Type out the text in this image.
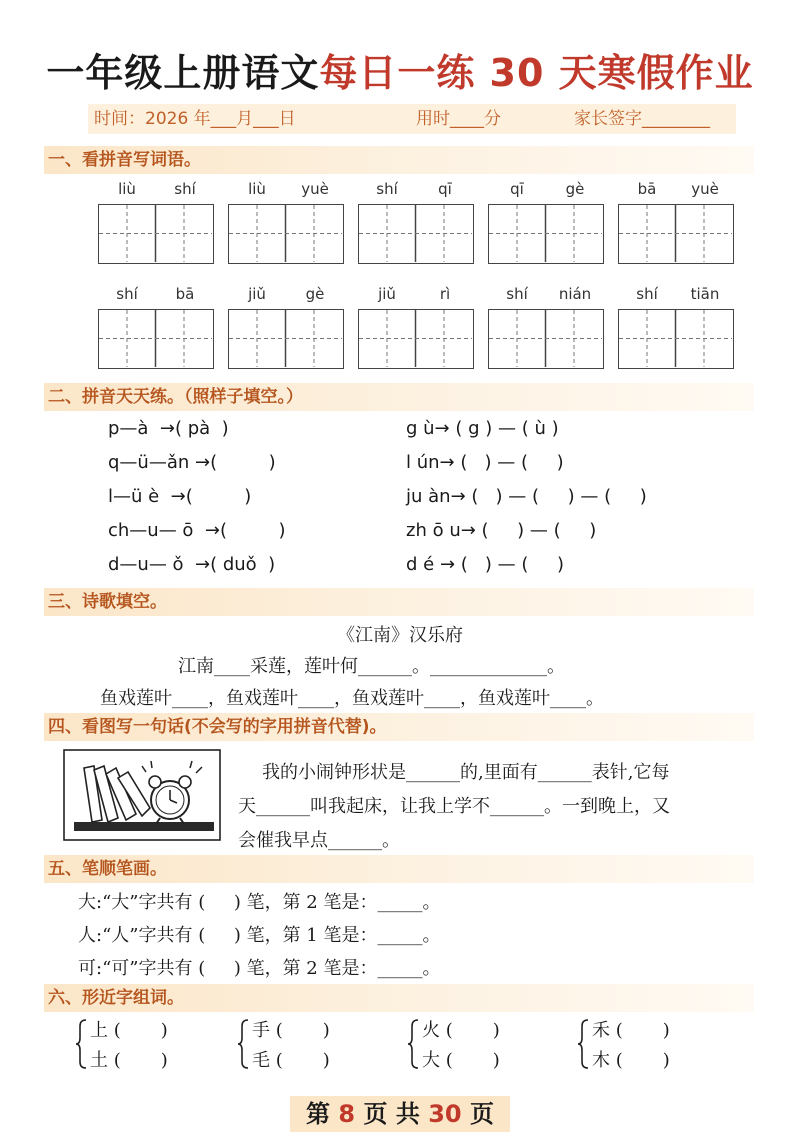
一年级上册语文每日一练 30 天寒假作业
时间：2026 年___月___日	用时____分	家长签字________
一、看拼音写词语。
liù	shí	liù	yuè	shí	qī	qī	gè	bā	yuè
shí	bā	jiǔ	gè	jiǔ	rì	shí	nián	shí	tiān
二、拼音天天练。（照样子填空。）
p—à  →( pà  )
q—ü—ǎn →(         )
l—ü è  →(         )
ch—u— ō  →(         )
d—u— ǒ  →( duǒ  )
g ù→ ( g ) — ( ù )
l ún→ (   ) — (     )
ju àn→ (   ) — (     ) — (     )
zh ō u→ (     ) — (     )
d é → (   ) — (     )
三、诗歌填空。
《江南》汉乐府
江南____采莲，莲叶何______。_____________。
鱼戏莲叶____，鱼戏莲叶____，鱼戏莲叶____，鱼戏莲叶____。
四、看图写一句话(不会写的字用拼音代替)。
我的小闹钟形状是______的,里面有______表针,它每
天______叫我起床，让我上学不______。一到晚上，又
会催我早点______。
五、笔顺笔画。
大:“大”字共有 (     ) 笔，第 2 笔是：_____。
人:“人”字共有 (     ) 笔，第 1 笔是：_____。
可:“可”字共有 (     ) 笔，第 2 笔是：_____。
六、形近字组词。
上 (       )
土 (       )
手 (       )
毛 (       )
火 (       )
大 (       )
禾 (       )
木 (       )
第 8 页 共 30 页
